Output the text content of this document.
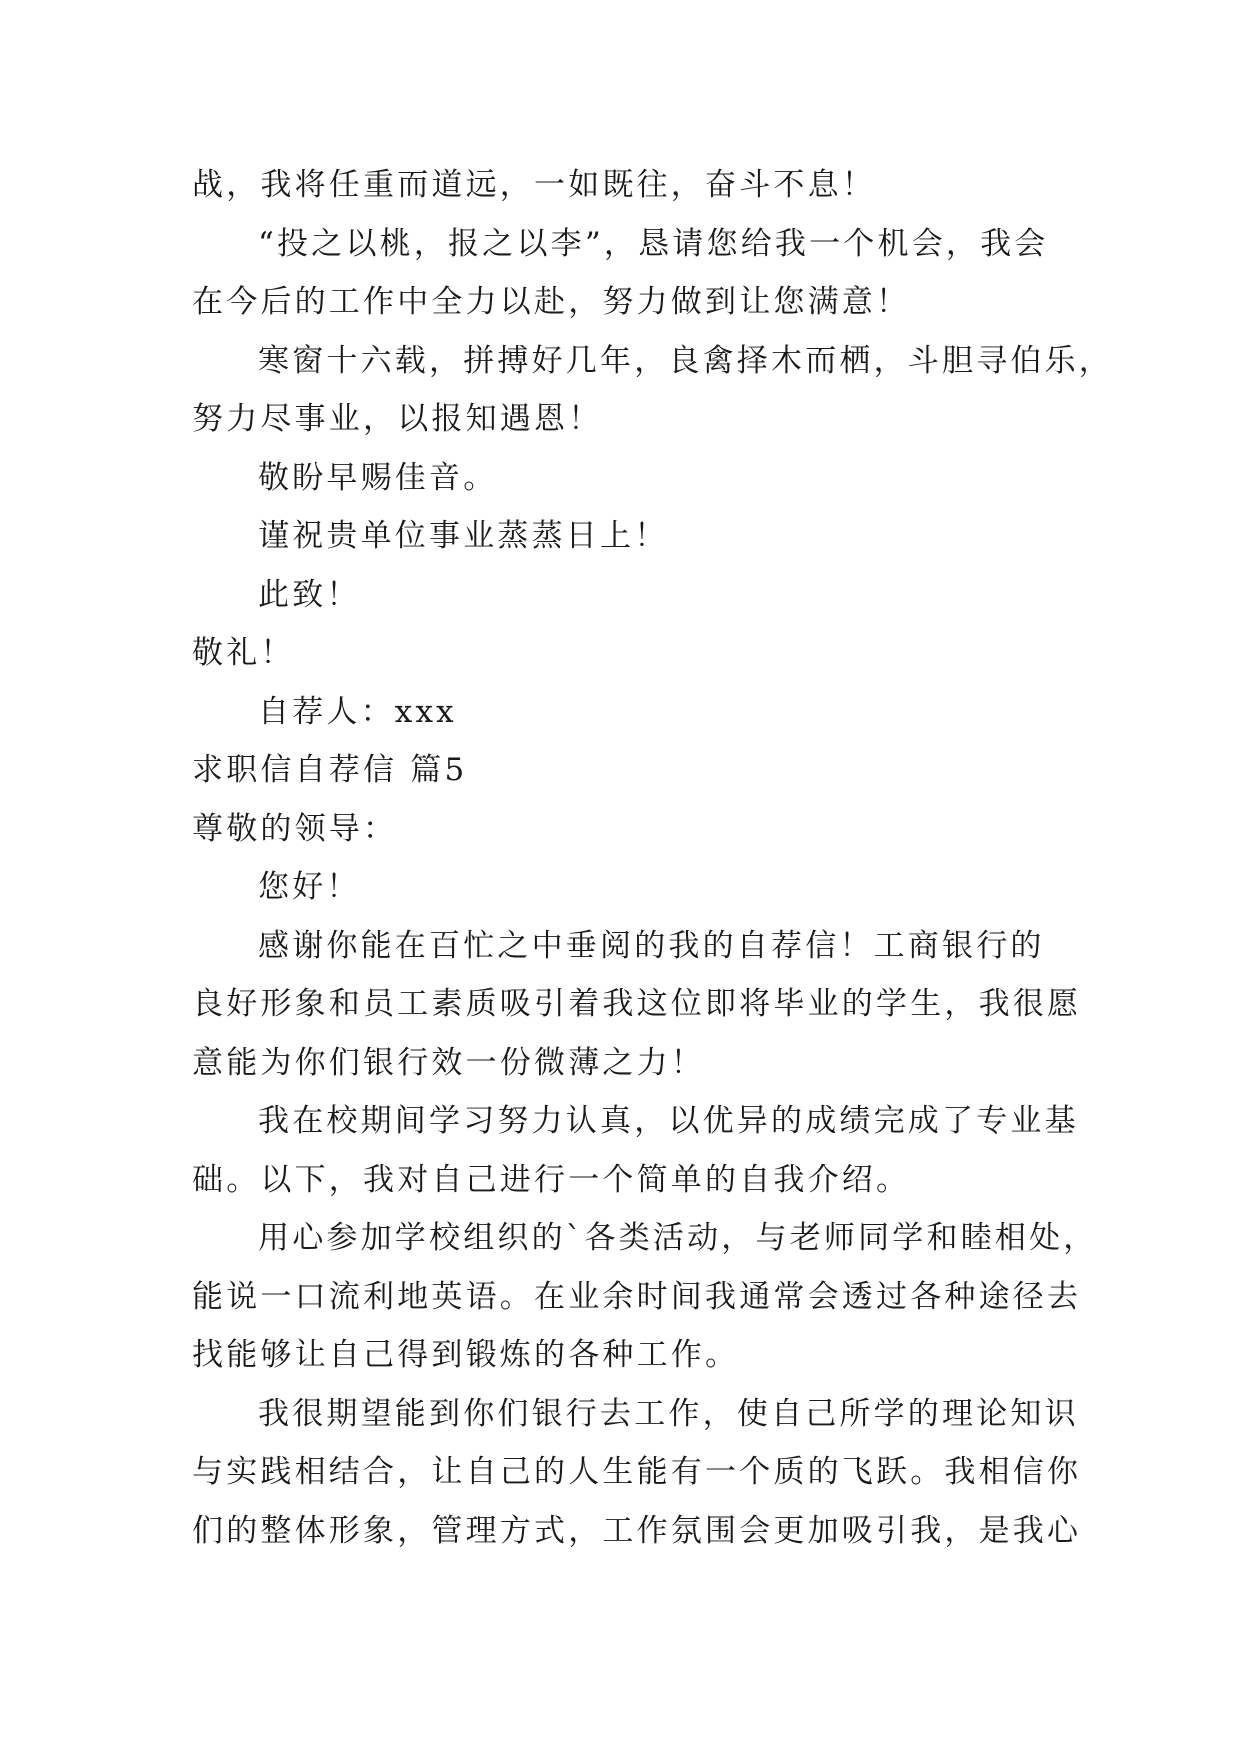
战，我将任重而道远，一如既往，奋斗不息！
“投之以桃，报之以李”，恳请您给我一个机会，我会
在今后的工作中全力以赴，努力做到让您满意！
寒窗十六载，拼搏好几年，良禽择木而栖，斗胆寻伯乐，
努力尽事业，以报知遇恩！
敬盼早赐佳音。
谨祝贵单位事业蒸蒸日上！
此致！
敬礼！
自荐人：xxx
求职信自荐信 篇5
尊敬的领导：
您好！
感谢你能在百忙之中垂阅的我的自荐信！工商银行的
良好形象和员工素质吸引着我这位即将毕业的学生，我很愿
意能为你们银行效一份微薄之力！
我在校期间学习努力认真，以优异的成绩完成了专业基
础。以下，我对自己进行一个简单的自我介绍。
用心参加学校组织的`各类活动，与老师同学和睦相处，
能说一口流利地英语。在业余时间我通常会透过各种途径去
找能够让自己得到锻炼的各种工作。
我很期望能到你们银行去工作，使自己所学的理论知识
与实践相结合，让自己的人生能有一个质的飞跃。我相信你
们的整体形象，管理方式，工作氛围会更加吸引我，是我心
